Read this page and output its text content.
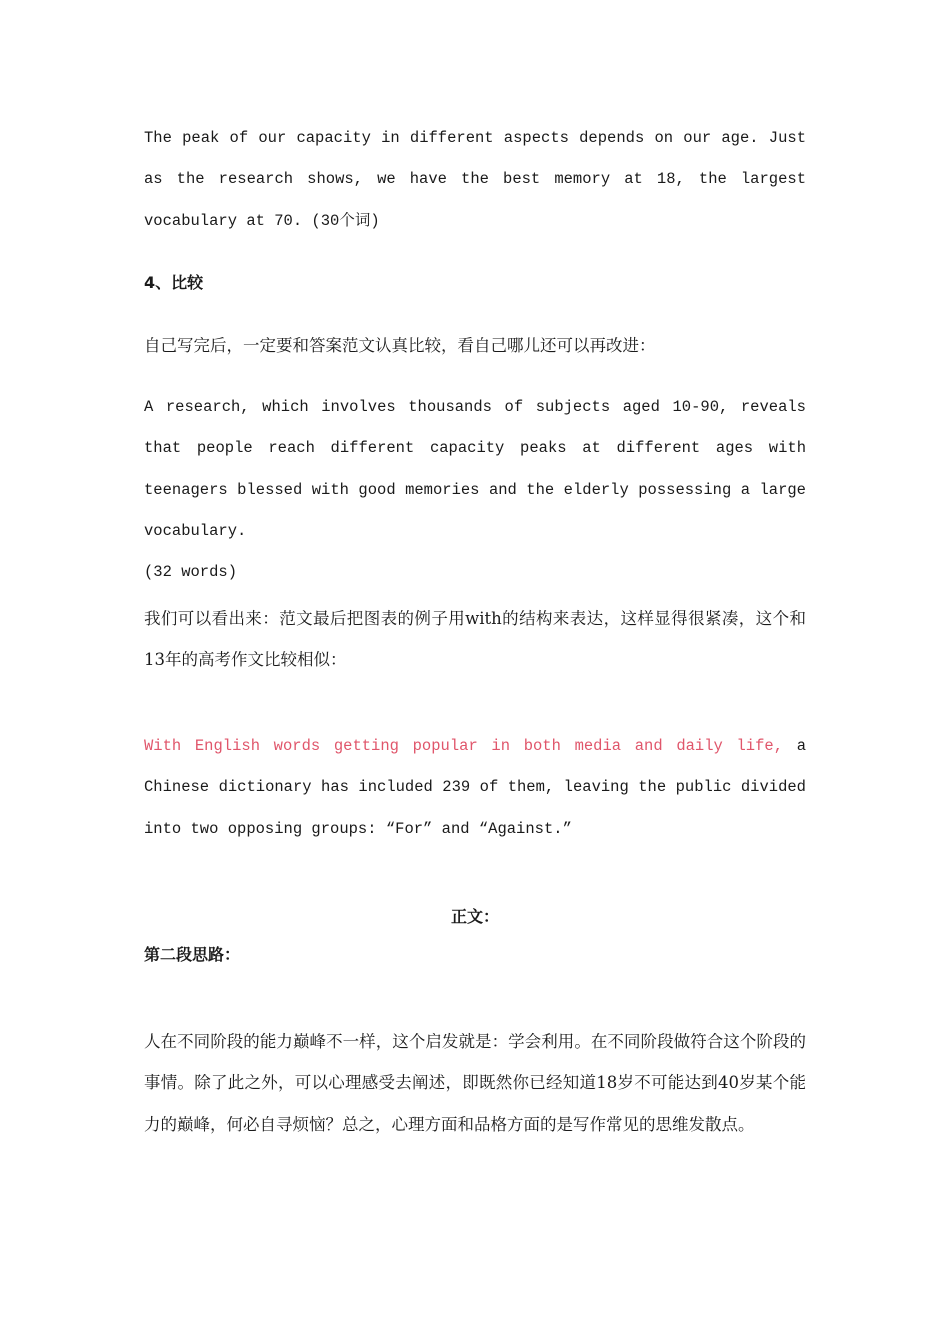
The peak of our capacity in different aspects depends on our age. Just as the research shows, we have the best memory at 18, the largest vocabulary at 70. (30个词)
4、比较
自己写完后，一定要和答案范文认真比较，看自己哪儿还可以再改进：
A research, which involves thousands of subjects aged 10-90, reveals that people reach different capacity peaks at different ages with teenagers blessed with good memories and the elderly possessing a large vocabulary.
(32 words)
我们可以看出来：范文最后把图表的例子用with的结构来表达，这样显得很紧凑，这个和13年的高考作文比较相似：
With English words getting popular in both media and daily life, a Chinese dictionary has included 239 of them, leaving the public divided into two opposing groups: “For” and “Against.”
正文：
第二段思路：
人在不同阶段的能力巅峰不一样，这个启发就是：学会利用。在不同阶段做符合这个阶段的事情。除了此之外，可以心理感受去阐述，即既然你已经知道18岁不可能达到40岁某个能力的巅峰，何必自寻烦恼？总之，心理方面和品格方面的是写作常见的思维发散点。
